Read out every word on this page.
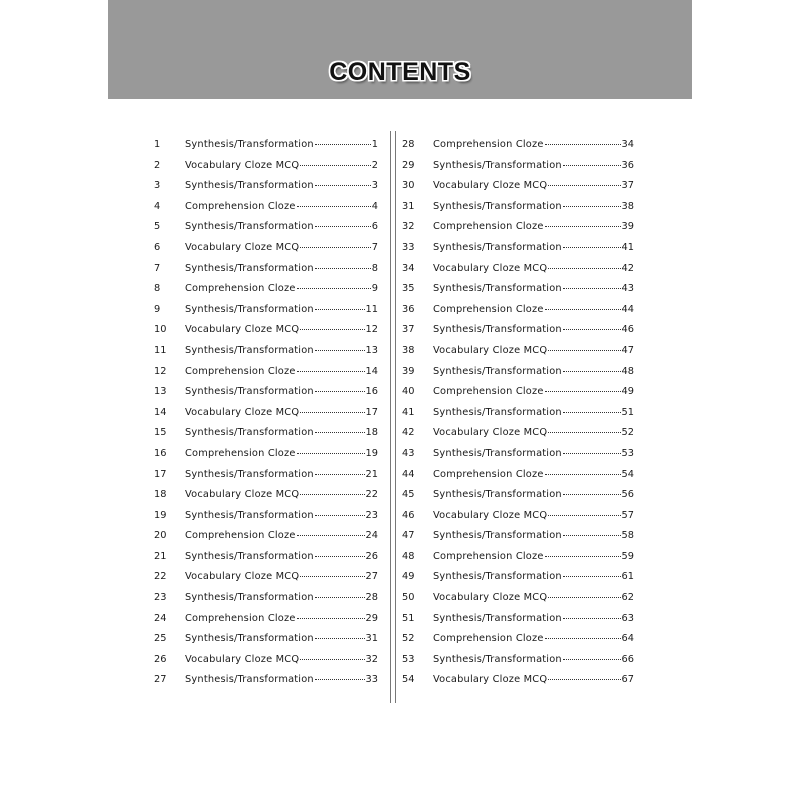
CONTENTS
1	Synthesis/Transformation	1
2	Vocabulary Cloze MCQ	2
3	Synthesis/Transformation	3
4	Comprehension Cloze	4
5	Synthesis/Transformation	6
6	Vocabulary Cloze MCQ	7
7	Synthesis/Transformation	8
8	Comprehension Cloze	9
9	Synthesis/Transformation	11
10	Vocabulary Cloze MCQ	12
11	Synthesis/Transformation	13
12	Comprehension Cloze	14
13	Synthesis/Transformation	16
14	Vocabulary Cloze MCQ	17
15	Synthesis/Transformation	18
16	Comprehension Cloze	19
17	Synthesis/Transformation	21
18	Vocabulary Cloze MCQ	22
19	Synthesis/Transformation	23
20	Comprehension Cloze	24
21	Synthesis/Transformation	26
22	Vocabulary Cloze MCQ	27
23	Synthesis/Transformation	28
24	Comprehension Cloze	29
25	Synthesis/Transformation	31
26	Vocabulary Cloze MCQ	32
27	Synthesis/Transformation	33
28	Comprehension Cloze	34
29	Synthesis/Transformation	36
30	Vocabulary Cloze MCQ	37
31	Synthesis/Transformation	38
32	Comprehension Cloze	39
33	Synthesis/Transformation	41
34	Vocabulary Cloze MCQ	42
35	Synthesis/Transformation	43
36	Comprehension Cloze	44
37	Synthesis/Transformation	46
38	Vocabulary Cloze MCQ	47
39	Synthesis/Transformation	48
40	Comprehension Cloze	49
41	Synthesis/Transformation	51
42	Vocabulary Cloze MCQ	52
43	Synthesis/Transformation	53
44	Comprehension Cloze	54
45	Synthesis/Transformation	56
46	Vocabulary Cloze MCQ	57
47	Synthesis/Transformation	58
48	Comprehension Cloze	59
49	Synthesis/Transformation	61
50	Vocabulary Cloze MCQ	62
51	Synthesis/Transformation	63
52	Comprehension Cloze	64
53	Synthesis/Transformation	66
54	Vocabulary Cloze MCQ	67
